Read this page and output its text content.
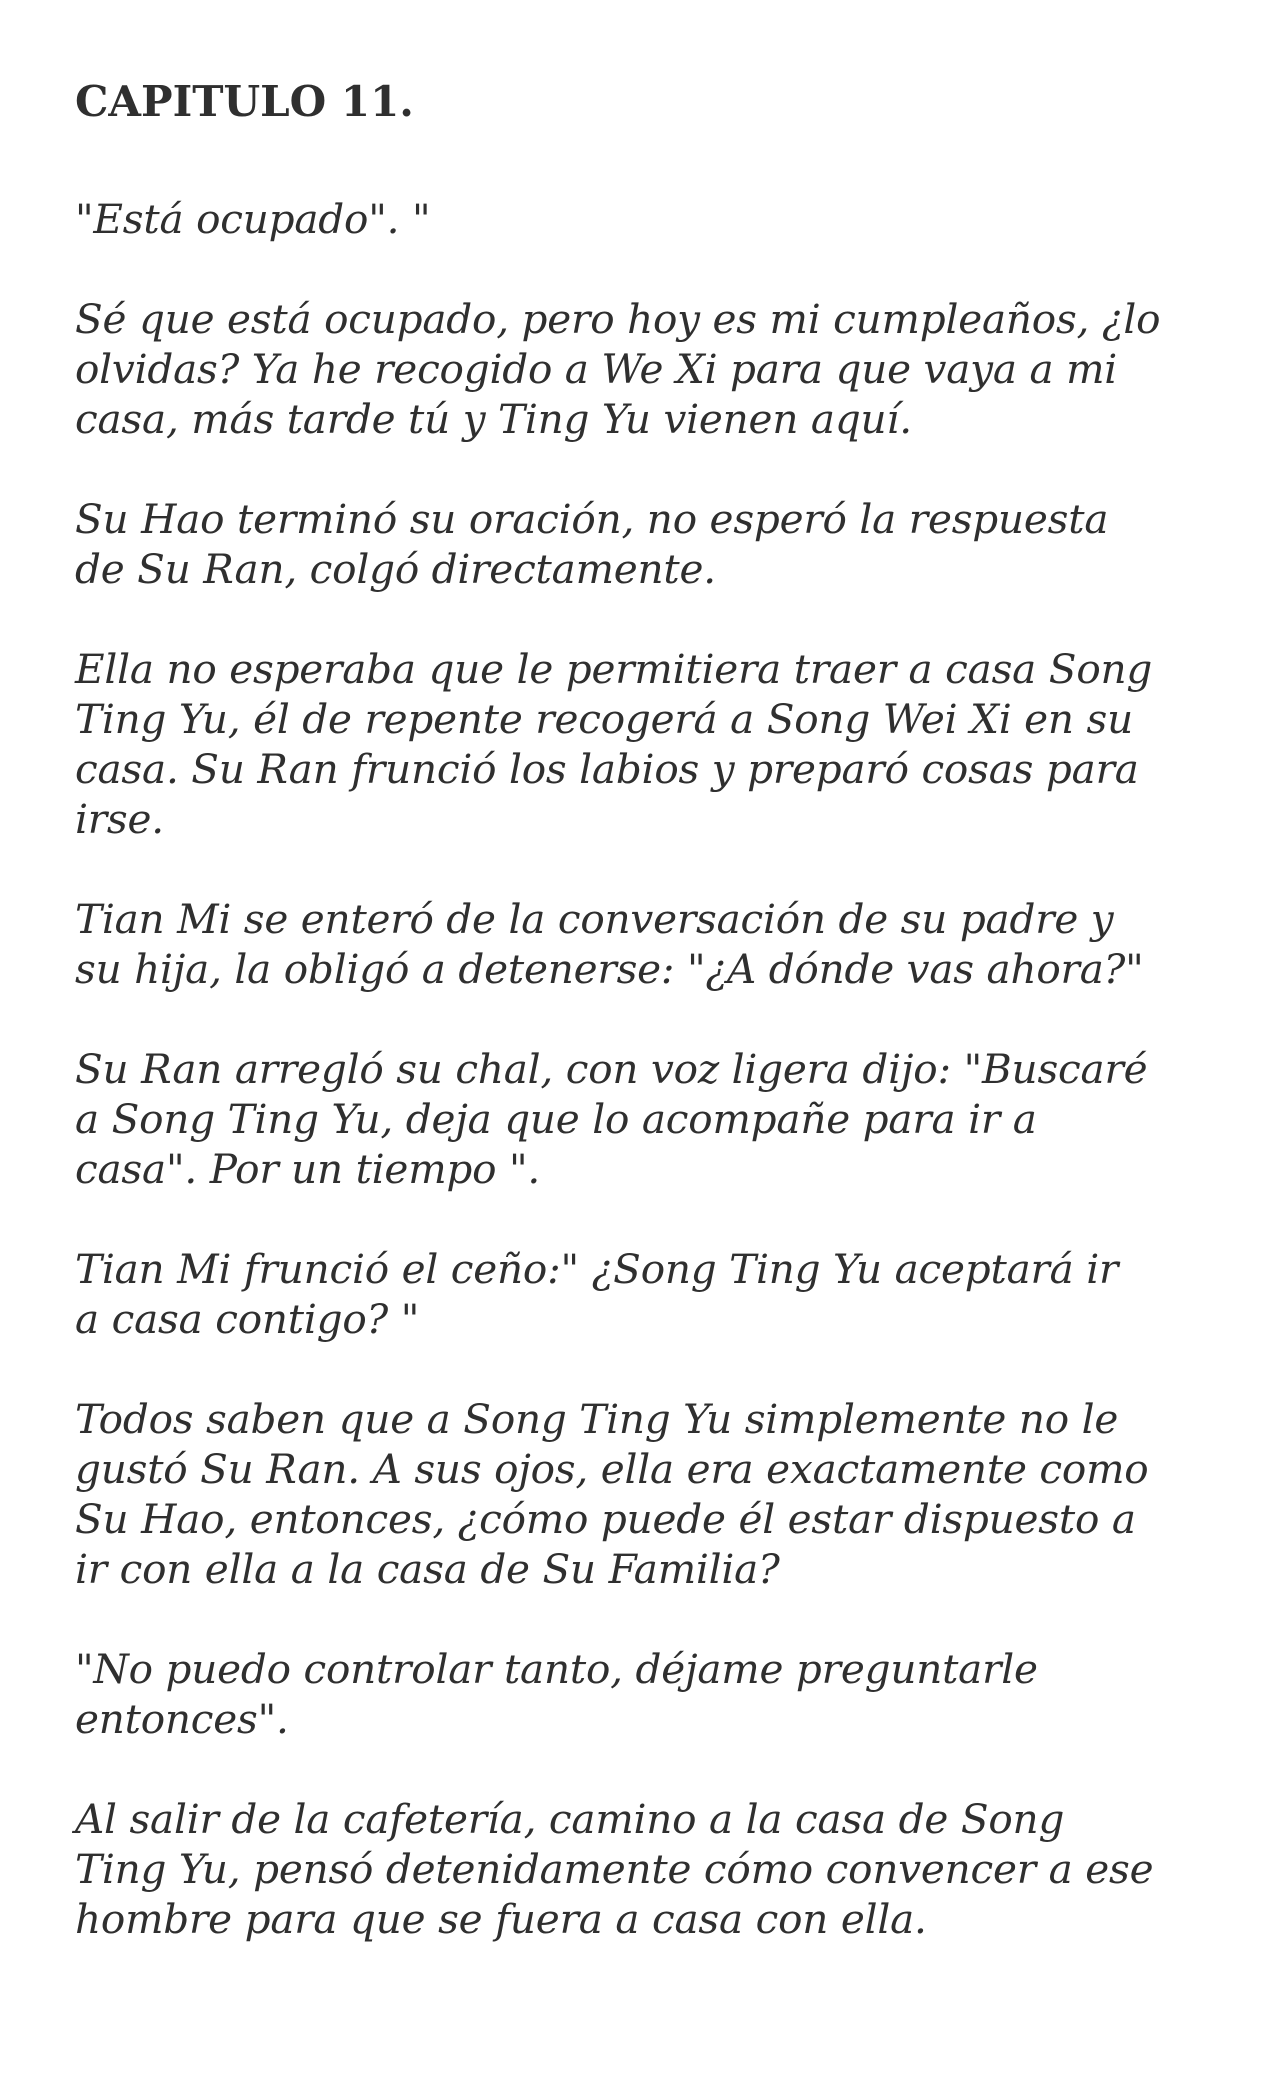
CAPITULO 11.
"Está ocupado". "
Sé que está ocupado, pero hoy es mi cumpleaños, ¿lo
olvidas? Ya he recogido a We Xi para que vaya a mi
casa, más tarde tú y Ting Yu vienen aquí.
Su Hao terminó su oración, no esperó la respuesta
de Su Ran, colgó directamente.
Ella no esperaba que le permitiera traer a casa Song
Ting Yu, él de repente recogerá a Song Wei Xi en su
casa. Su Ran frunció los labios y preparó cosas para
irse.
Tian Mi se enteró de la conversación de su padre y
su hija, la obligó a detenerse: "¿A dónde vas ahora?"
Su Ran arregló su chal, con voz ligera dijo: "Buscaré
a Song Ting Yu, deja que lo acompañe para ir a
casa". Por un tiempo ".
Tian Mi frunció el ceño:" ¿Song Ting Yu aceptará ir
a casa contigo? "
Todos saben que a Song Ting Yu simplemente no le
gustó Su Ran. A sus ojos, ella era exactamente como
Su Hao, entonces, ¿cómo puede él estar dispuesto a
ir con ella a la casa de Su Familia?
"No puedo controlar tanto, déjame preguntarle
entonces".
Al salir de la cafetería, camino a la casa de Song
Ting Yu, pensó detenidamente cómo convencer a ese
hombre para que se fuera a casa con ella.
